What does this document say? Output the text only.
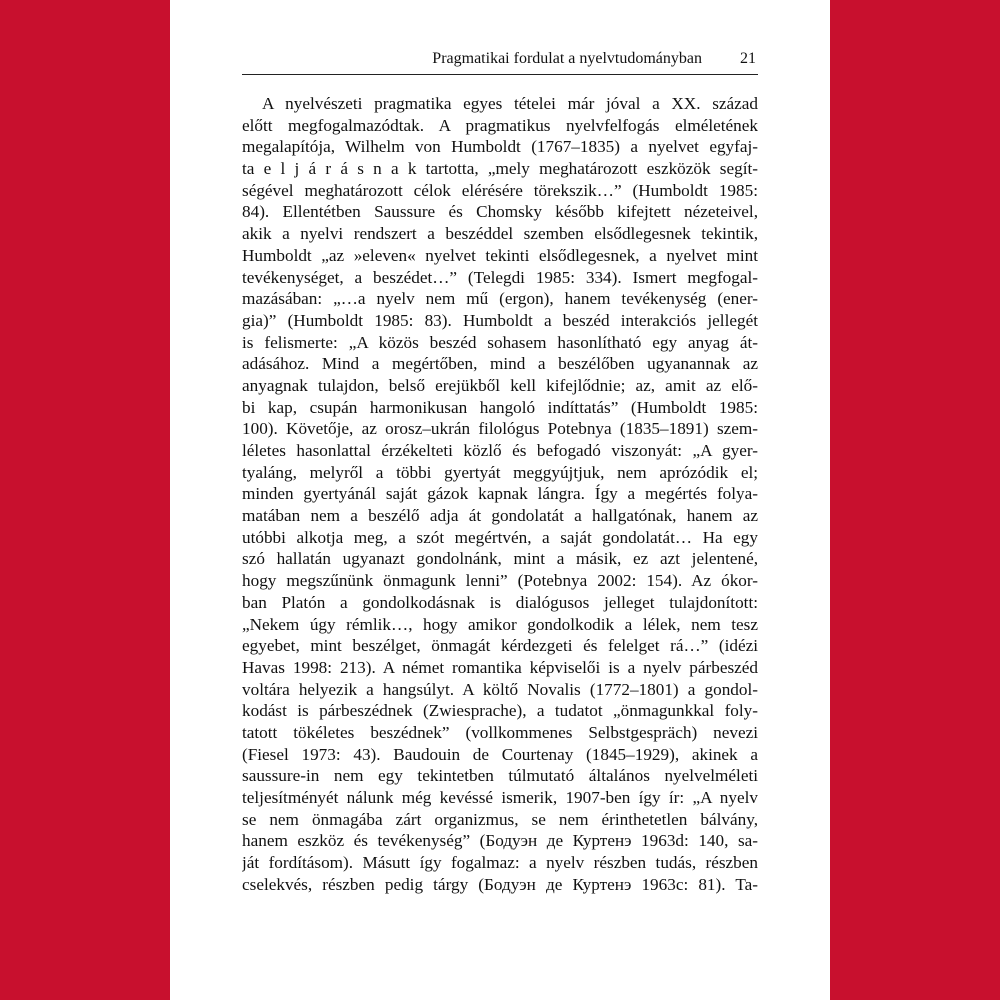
Pragmatikai fordulat a nyelvtudományban 21
A nyelvészeti pragmatika egyes tételei már jóval a XX. század
előtt megfogalmazódtak. A pragmatikus nyelvfelfogás elméletének
megalapítója, Wilhelm von Humboldt (1767–1835) a nyelvet egyfaj-
ta e l j á r á s n a k tartotta, „mely meghatározott eszközök segít-
ségével meghatározott célok elérésére törekszik…” (Humboldt 1985:
84). Ellentétben Saussure és Chomsky később kifejtett nézeteivel,
akik a nyelvi rendszert a beszéddel szemben elsődlegesnek tekintik,
Humboldt „az »eleven« nyelvet tekinti elsődlegesnek, a nyelvet mint
tevékenységet, a beszédet…” (Telegdi 1985: 334). Ismert megfogal-
mazásában: „…a nyelv nem mű (ergon), hanem tevékenység (ener-
gia)” (Humboldt 1985: 83). Humboldt a beszéd interakciós jellegét
is felismerte: „A közös beszéd sohasem hasonlítható egy anyag át-
adásához. Mind a megértőben, mind a beszélőben ugyanannak az
anyagnak tulajdon, belső erejükből kell kifejlődnie; az, amit az elő-
bi kap, csupán harmonikusan hangoló indíttatás” (Humboldt 1985:
100). Követője, az orosz–ukrán filológus Potebnya (1835–1891) szem-
léletes hasonlattal érzékelteti közlő és befogadó viszonyát: „A gyer-
tyaláng, melyről a többi gyertyát meggyújtjuk, nem aprózódik el;
minden gyertyánál saját gázok kapnak lángra. Így a megértés folya-
matában nem a beszélő adja át gondolatát a hallgatónak, hanem az
utóbbi alkotja meg, a szót megértvén, a saját gondolatát… Ha egy
szó hallatán ugyanazt gondolnánk, mint a másik, ez azt jelentené,
hogy megszűnünk önmagunk lenni” (Potebnya 2002: 154). Az ókor-
ban Platón a gondolkodásnak is dialógusos jelleget tulajdonított:
„Nekem úgy rémlik…, hogy amikor gondolkodik a lélek, nem tesz
egyebet, mint beszélget, önmagát kérdezgeti és felelget rá…” (idézi
Havas 1998: 213). A német romantika képviselői is a nyelv párbeszéd
voltára helyezik a hangsúlyt. A költő Novalis (1772–1801) a gondol-
kodást is párbeszédnek (Zwiesprache), a tudatot „önmagunkkal foly-
tatott tökéletes beszédnek” (vollkommenes Selbstgespräch) nevezi
(Fiesel 1973: 43). Baudouin de Courtenay (1845–1929), akinek a
saussure-in nem egy tekintetben túlmutató általános nyelvelméleti
teljesítményét nálunk még kevéssé ismerik, 1907-ben így ír: „A nyelv
se nem önmagába zárt organizmus, se nem érinthetetlen bálvány,
hanem eszköz és tevékenység” (Бодуэн де Куртенэ 1963d: 140, sa-
ját fordításom). Másutt így fogalmaz: a nyelv részben tudás, részben
cselekvés, részben pedig tárgy (Бодуэн де Куртенэ 1963c: 81). Ta-
